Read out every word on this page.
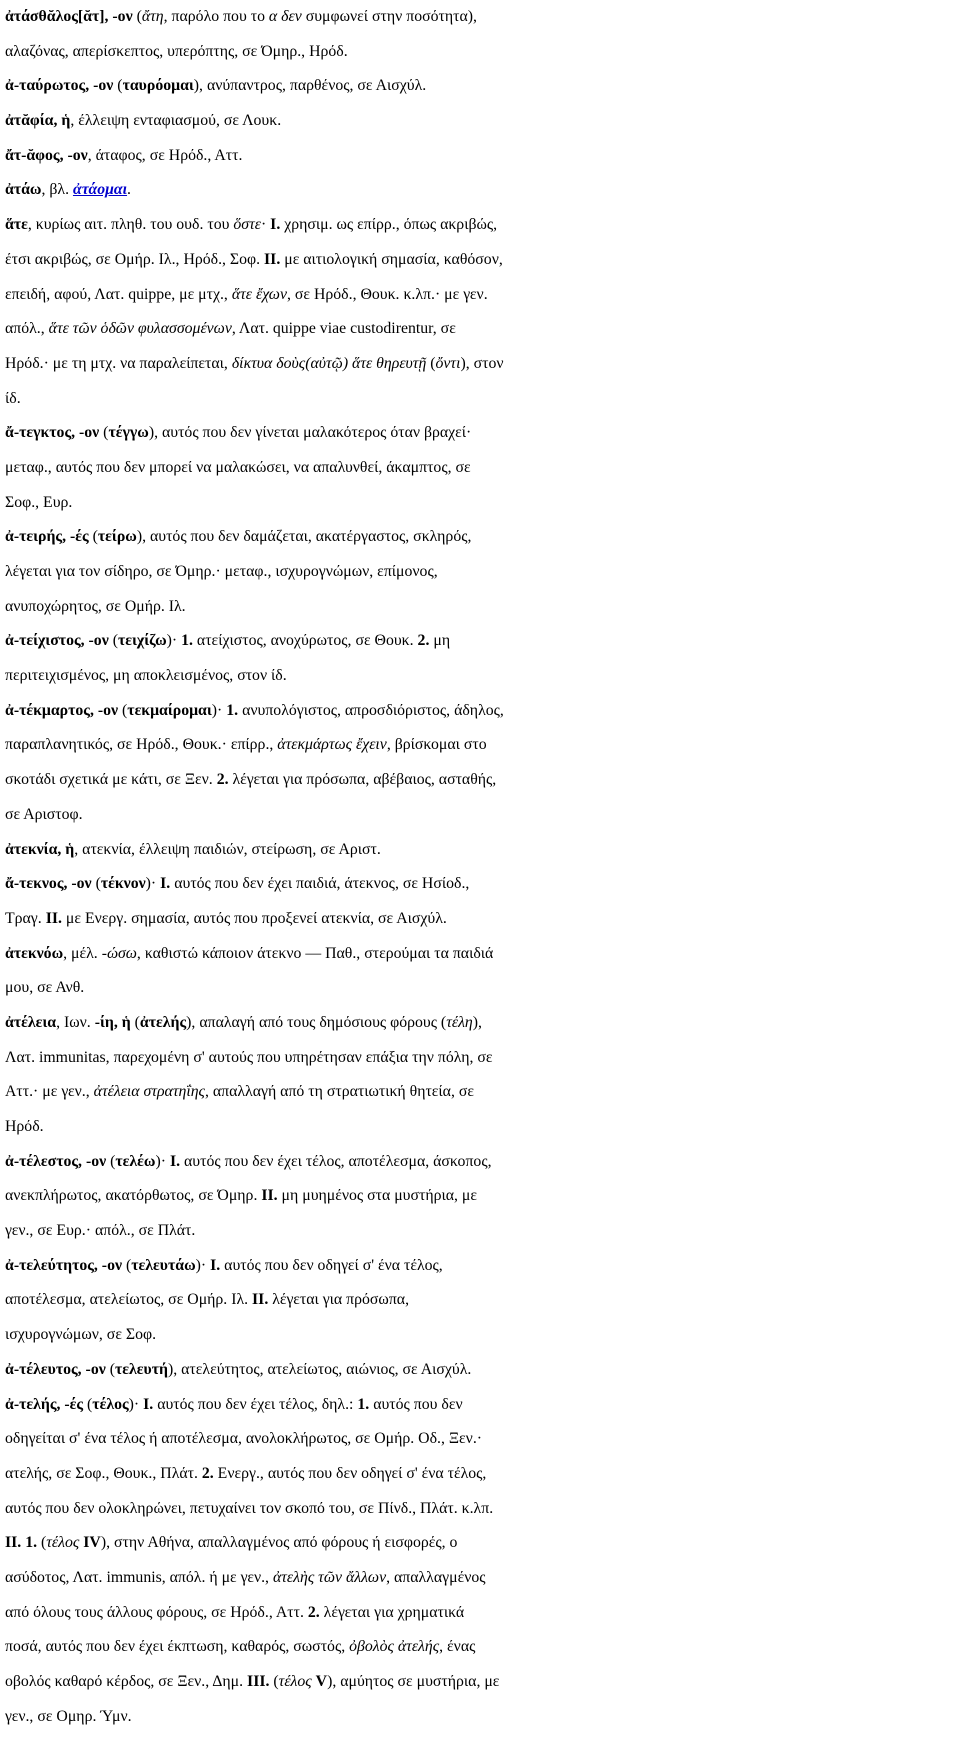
ἀτάσθᾰλος[ᾰτ], -ον (ἄτη, παρόλο που το α δεν συμφωνεί στην ποσότητα),
αλαζόνας, απερίσκεπτος, υπερόπτης, σε Όμηρ., Ηρόδ.
ἀ-ταύρωτος, -ον (ταυρόομαι), ανύπαντρος, παρθένος, σε Αισχύλ.
ἀτᾰφία, ἡ, έλλειψη ενταφιασμού, σε Λουκ.
ἄτ-ᾰφος, -ον, άταφος, σε Ηρόδ., Αττ.
ἀτάω, βλ. ἀτάομαι.
ἅτε, κυρίως αιτ. πληθ. του ουδ. του ὅστε· I. χρησιμ. ως επίρρ., όπως ακριβώς,
έτσι ακριβώς, σε Ομήρ. Ιλ., Ηρόδ., Σοφ. II. με αιτιολογική σημασία, καθόσον,
επειδή, αφού, Λατ. quippe, με μτχ., ἅτε ἔχων, σε Ηρόδ., Θουκ. κ.λπ.· με γεν.
απόλ., ἅτε τῶν ὁδῶν φυλασσομένων, Λατ. quippe viae custodirentur, σε
Ηρόδ.· με τη μτχ. να παραλείπεται, δίκτυα δοὺς(αὐτῷ) ἅτε θηρευτῇ (ὄντι), στον
ίδ.
ἄ-τεγκτος, -ον (τέγγω), αυτός που δεν γίνεται μαλακότερος όταν βραχεί·
μεταφ., αυτός που δεν μπορεί να μαλακώσει, να απαλυνθεί, άκαμπτος, σε
Σοφ., Ευρ.
ἀ-τειρής, -ές (τείρω), αυτός που δεν δαμάζεται, ακατέργαστος, σκληρός,
λέγεται για τον σίδηρο, σε Όμηρ.· μεταφ., ισχυρογνώμων, επίμονος,
ανυποχώρητος, σε Ομήρ. Ιλ.
ἀ-τείχιστος, -ον (τειχίζω)· 1. ατείχιστος, ανοχύρωτος, σε Θουκ. 2. μη
περιτειχισμένος, μη αποκλεισμένος, στον ίδ.
ἀ-τέκμαρτος, -ον (τεκμαίρομαι)· 1. ανυπολόγιστος, απροσδιόριστος, άδηλος,
παραπλανητικός, σε Ηρόδ., Θουκ.· επίρρ., ἀτεκμάρτως ἔχειν, βρίσκομαι στο
σκοτάδι σχετικά με κάτι, σε Ξεν. 2. λέγεται για πρόσωπα, αβέβαιος, ασταθής,
σε Αριστοφ.
ἀτεκνία, ἡ, ατεκνία, έλλειψη παιδιών, στείρωση, σε Αριστ.
ἄ-τεκνος, -ον (τέκνον)· I. αυτός που δεν έχει παιδιά, άτεκνος, σε Ησίοδ.,
Τραγ. II. με Ενεργ. σημασία, αυτός που προξενεί ατεκνία, σε Αισχύλ.
ἀτεκνόω, μέλ. -ώσω, καθιστώ κάποιον άτεκνο — Παθ., στερούμαι τα παιδιά
μου, σε Ανθ.
ἀτέλεια, Ιων. -ίη, ἡ (ἀτελής), απαλαγή από τους δημόσιους φόρους (τέλη),
Λατ. immunitas, παρεχομένη σ' αυτούς που υπηρέτησαν επάξια την πόλη, σε
Αττ.· με γεν., ἀτέλεια στρατηΐης, απαλλαγή από τη στρατιωτική θητεία, σε
Ηρόδ.
ἀ-τέλεστος, -ον (τελέω)· I. αυτός που δεν έχει τέλος, αποτέλεσμα, άσκοπος,
ανεκπλήρωτος, ακατόρθωτος, σε Όμηρ. II. μη μυημένος στα μυστήρια, με
γεν., σε Ευρ.· απόλ., σε Πλάτ.
ἀ-τελεύτητος, -ον (τελευτάω)· I. αυτός που δεν οδηγεί σ' ένα τέλος,
αποτέλεσμα, ατελείωτος, σε Ομήρ. Ιλ. II. λέγεται για πρόσωπα,
ισχυρογνώμων, σε Σοφ.
ἀ-τέλευτος, -ον (τελευτή), ατελεύτητος, ατελείωτος, αιώνιος, σε Αισχύλ.
ἀ-τελής, -ές (τέλος)· I. αυτός που δεν έχει τέλος, δηλ.: 1. αυτός που δεν
οδηγείται σ' ένα τέλος ή αποτέλεσμα, ανολοκλήρωτος, σε Ομήρ. Οδ., Ξεν.·
ατελής, σε Σοφ., Θουκ., Πλάτ. 2. Ενεργ., αυτός που δεν οδηγεί σ' ένα τέλος,
αυτός που δεν ολοκληρώνει, πετυχαίνει τον σκοπό του, σε Πίνδ., Πλάτ. κ.λπ.
II. 1. (τέλος IV), στην Αθήνα, απαλλαγμένος από φόρους ή εισφορές, ο
ασύδοτος, Λατ. immunis, απόλ. ή με γεν., ἀτελὴς τῶν ἄλλων, απαλλαγμένος
από όλους τους άλλους φόρους, σε Ηρόδ., Αττ. 2. λέγεται για χρηματικά
ποσά, αυτός που δεν έχει έκπτωση, καθαρός, σωστός, ὀβολὸς ἀτελής, ένας
οβολός καθαρό κέρδος, σε Ξεν., Δημ. III. (τέλος V), αμύητος σε μυστήρια, με
γεν., σε Ομηρ. Ύμν.
